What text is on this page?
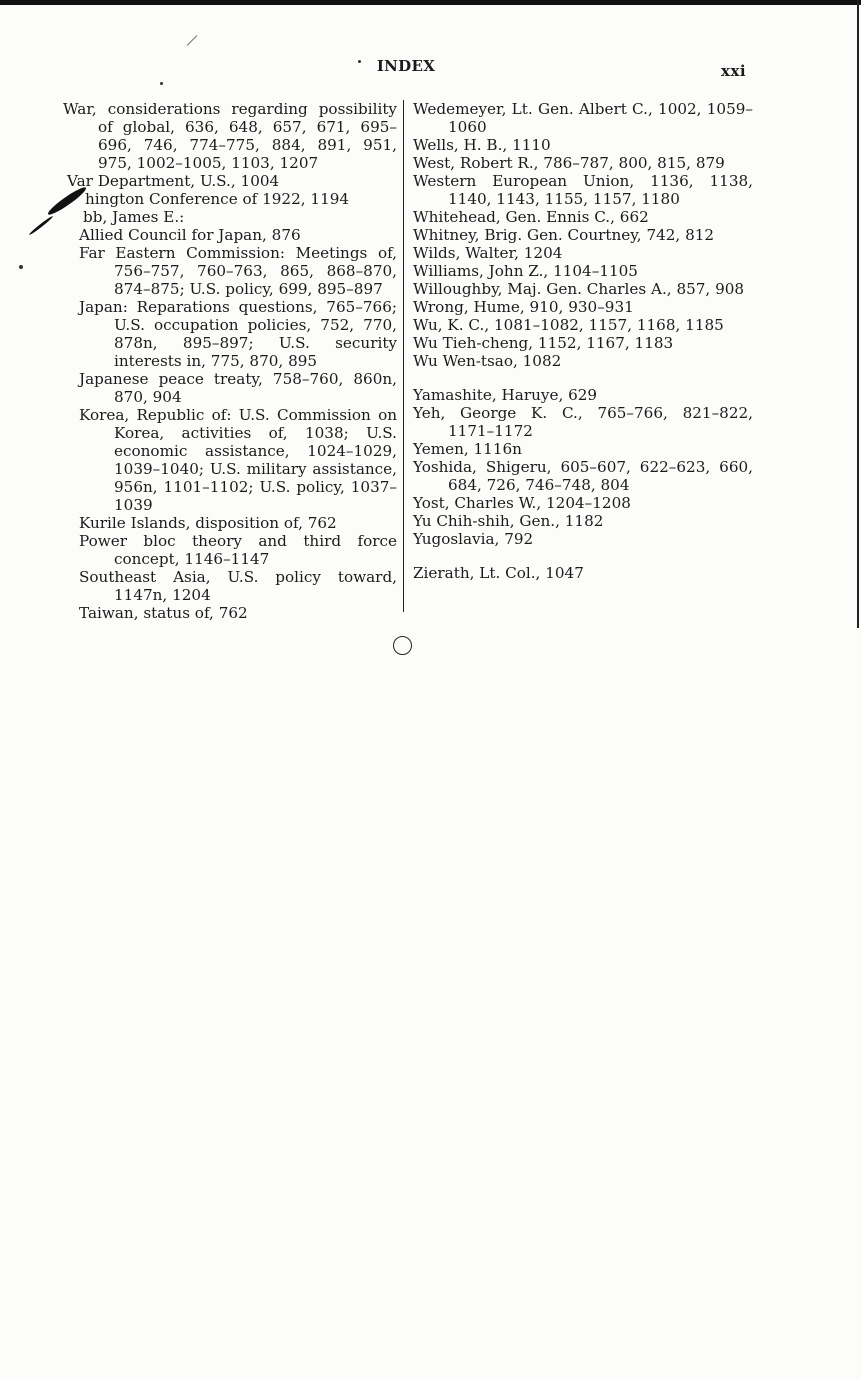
INDEX	xxi
War, considerations regarding possibility of global, 636, 648, 657, 671, 695–696, 746, 774–775, 884, 891, 951, 975, 1002–1005, 1103, 1207
Var Department, U.S., 1004
hington Conference of 1922, 1194
bb, James E.:
Allied Council for Japan, 876
Far Eastern Commission: Meetings of, 756–757, 760–763, 865, 868–870, 874–875; U.S. policy, 699, 895–897
Japan: Reparations questions, 765–766; U.S. occupation policies, 752, 770, 878n, 895–897; U.S. security interests in, 775, 870, 895
Japanese peace treaty, 758–760, 860n, 870, 904
Korea, Republic of: U.S. Commission on Korea, activities of, 1038; U.S. economic assistance, 1024–1029, 1039–1040; U.S. military assistance, 956n, 1101–1102; U.S. policy, 1037–1039
Kurile Islands, disposition of, 762
Power bloc theory and third force concept, 1146–1147
Southeast Asia, U.S. policy toward, 1147n, 1204
Taiwan, status of, 762
Wedemeyer, Lt. Gen. Albert C., 1002, 1059–1060
Wells, H. B., 1110
West, Robert R., 786–787, 800, 815, 879
Western European Union, 1136, 1138, 1140, 1143, 1155, 1157, 1180
Whitehead, Gen. Ennis C., 662
Whitney, Brig. Gen. Courtney, 742, 812
Wilds, Walter, 1204
Williams, John Z., 1104–1105
Willoughby, Maj. Gen. Charles A., 857, 908
Wrong, Hume, 910, 930–931
Wu, K. C., 1081–1082, 1157, 1168, 1185
Wu Tieh-cheng, 1152, 1167, 1183
Wu Wen-tsao, 1082
Yamashite, Haruye, 629
Yeh, George K. C., 765–766, 821–822, 1171–1172
Yemen, 1116n
Yoshida, Shigeru, 605–607, 622–623, 660, 684, 726, 746–748, 804
Yost, Charles W., 1204–1208
Yu Chih-shih, Gen., 1182
Yugoslavia, 792
Zierath, Lt. Col., 1047
